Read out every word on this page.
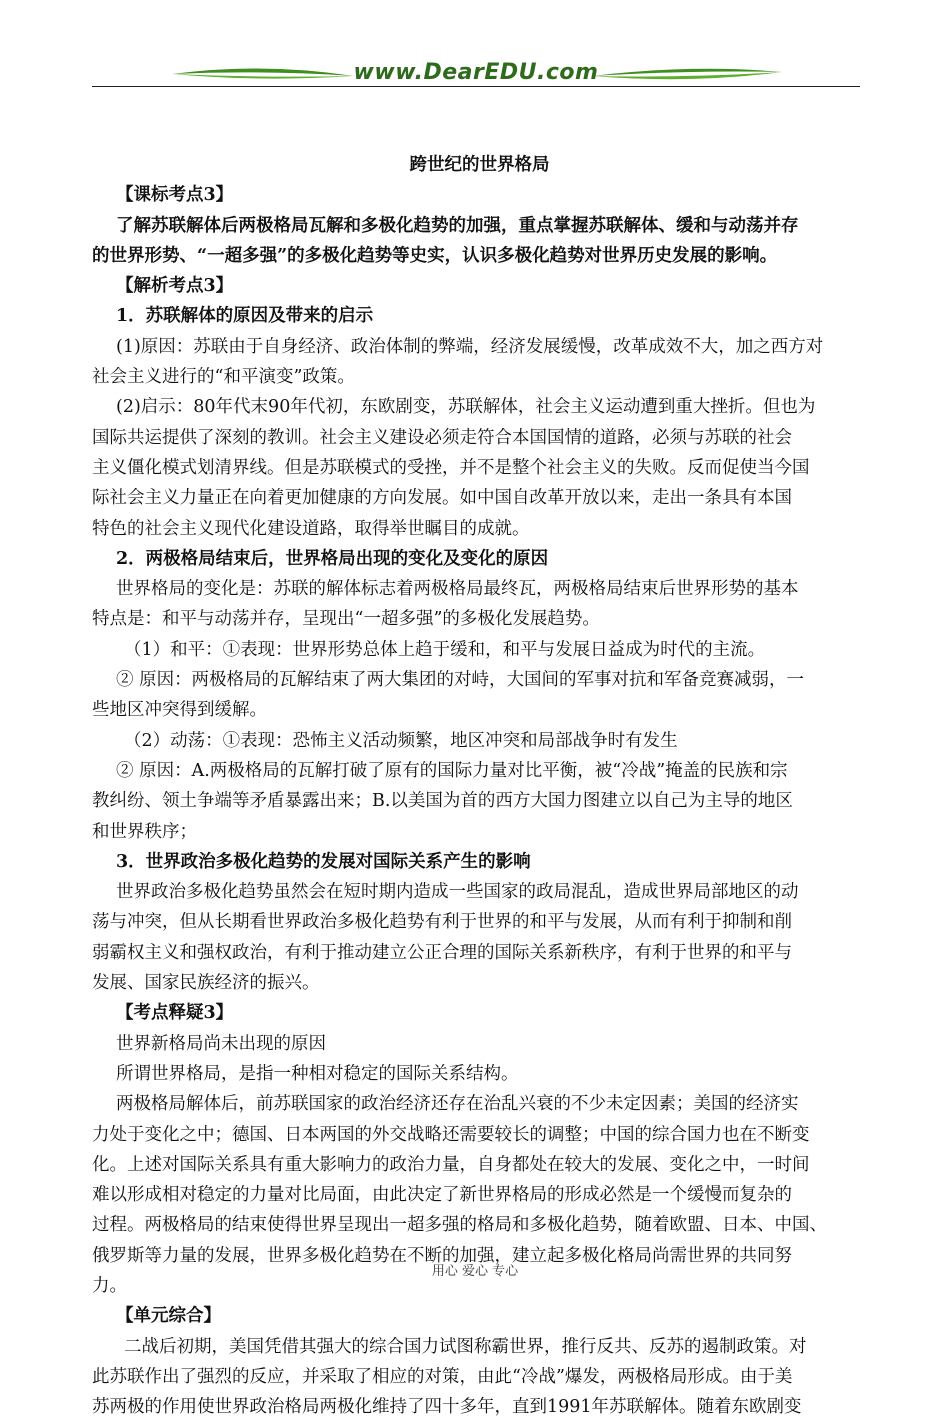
www.DearEDU.com
跨世纪的世界格局
【课标考点3】
了解苏联解体后两极格局瓦解和多极化趋势的加强，重点掌握苏联解体、缓和与动荡并存
的世界形势、“一超多强”的多极化趋势等史实，认识多极化趋势对世界历史发展的影响。
【解析考点3】
1．苏联解体的原因及带来的启示
(1)原因：苏联由于自身经济、政治体制的弊端，经济发展缓慢，改革成效不大，加之西方对
社会主义进行的“和平演变”政策。
(2)启示：80年代末90年代初，东欧剧变，苏联解体，社会主义运动遭到重大挫折。但也为
国际共运提供了深刻的教训。社会主义建设必须走符合本国国情的道路，必须与苏联的社会
主义僵化模式划清界线。但是苏联模式的受挫，并不是整个社会主义的失败。反而促使当今国
际社会主义力量正在向着更加健康的方向发展。如中国自改革开放以来，走出一条具有本国
特色的社会主义现代化建设道路，取得举世瞩目的成就。
2．两极格局结束后，世界格局出现的变化及变化的原因
世界格局的变化是：苏联的解体标志着两极格局最终瓦，两极格局结束后世界形势的基本
特点是：和平与动荡并存，呈现出“一超多强”的多极化发展趋势。
（1）和平：①表现：世界形势总体上趋于缓和，和平与发展日益成为时代的主流。
② 原因：两极格局的瓦解结束了两大集团的对峙，大国间的军事对抗和军备竞赛减弱，一
些地区冲突得到缓解。
（2）动荡：①表现：恐怖主义活动频繁，地区冲突和局部战争时有发生
② 原因：A.两极格局的瓦解打破了原有的国际力量对比平衡，被“冷战”掩盖的民族和宗
教纠纷、领土争端等矛盾暴露出来；B.以美国为首的西方大国力图建立以自己为主导的地区
和世界秩序；
3．世界政治多极化趋势的发展对国际关系产生的影响
世界政治多极化趋势虽然会在短时期内造成一些国家的政局混乱，造成世界局部地区的动
荡与冲突，但从长期看世界政治多极化趋势有利于世界的和平与发展，从而有利于抑制和削
弱霸权主义和强权政治，有利于推动建立公正合理的国际关系新秩序，有利于世界的和平与
发展、国家民族经济的振兴。
【考点释疑3】
世界新格局尚未出现的原因
所谓世界格局，是指一种相对稳定的国际关系结构。
两极格局解体后，前苏联国家的政治经济还存在治乱兴衰的不少未定因素；美国的经济实
力处于变化之中；德国、日本两国的外交战略还需要较长的调整；中国的综合国力也在不断变
化。上述对国际关系具有重大影响力的政治力量，自身都处在较大的发展、变化之中，一时间
难以形成相对稳定的力量对比局面，由此决定了新世界格局的形成必然是一个缓慢而复杂的
过程。两极格局的结束使得世界呈现出一超多强的格局和多极化趋势，随着欧盟、日本、中国、
俄罗斯等力量的发展，世界多极化趋势在不断的加强，建立起多极化格局尚需世界的共同努
力。
【单元综合】
二战后初期，美国凭借其强大的综合国力试图称霸世界，推行反共、反苏的遏制政策。对
此苏联作出了强烈的反应，并采取了相应的对策，由此“冷战”爆发，两极格局形成。由于美
苏两极的作用使世界政治格局两极化维持了四十多年，直到1991年苏联解体。随着东欧剧变
用心 爱心 专心
